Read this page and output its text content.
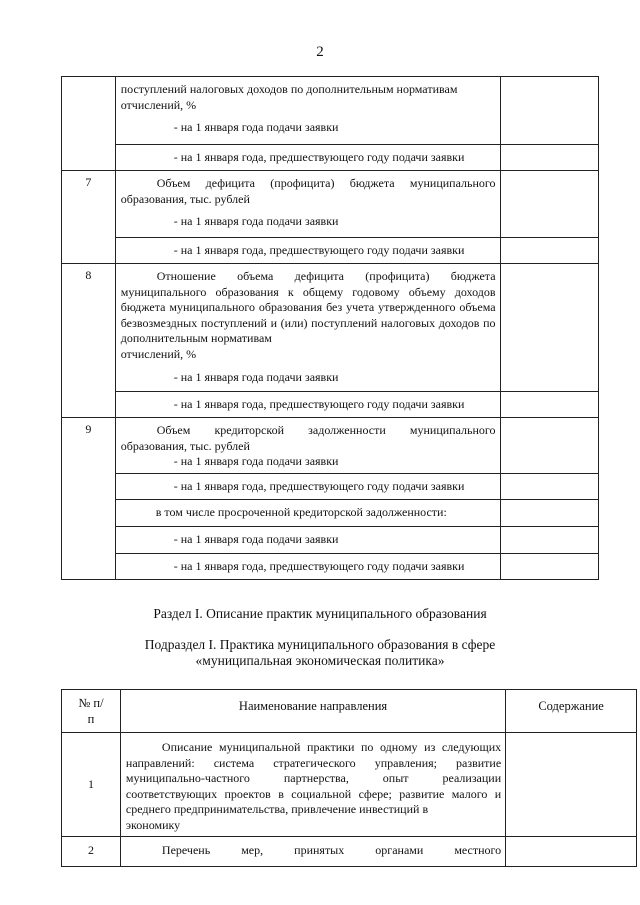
2

	поступлений налоговых доходов по дополнительным нормативам
отчислений, %
- на 1 января года подачи заявки	

	- на 1 января года, предшествующего году подачи заявки	
7	Объем дефицита (профицита) бюджета муниципального образования, тыс. рублей
- на 1 января года подачи заявки	

	- на 1 января года, предшествующего году подачи заявки	
8	Отношение объема дефицита (профицита) бюджета муниципального образования к общему годовому объему доходов бюджета муниципального образования без учета утвержденного объема безвозмездных поступлений и (или) поступлений налоговых доходов по дополнительным нормативам
отчислений, %
- на 1 января года подачи заявки	

	- на 1 января года, предшествующего году подачи заявки	
9	Объем кредиторской задолженности муниципального
образования, тыс. рублей
- на 1 января года подачи заявки	

	- на 1 января года, предшествующего году подачи заявки	
	в том числе просроченной кредиторской задолженности:	
	- на 1 января года подачи заявки	
	- на 1 января года, предшествующего году подачи заявки	
Раздел I. Описание практик муниципального образования
Подраздел I. Практика муниципального образования в сфере
«муниципальная экономическая политика»
№ п/п	Наименование направления	Содержание
1	Описание муниципальной практики по одному из следующих направлений: система стратегического управления; развитие муниципально-частного партнерства, опыт реализации соответствующих проектов в социальной сфере; развитие малого и среднего предпринимательства, привлечение инвестиций в
экономику	

2	Перечень мер, принятых органами местного	
